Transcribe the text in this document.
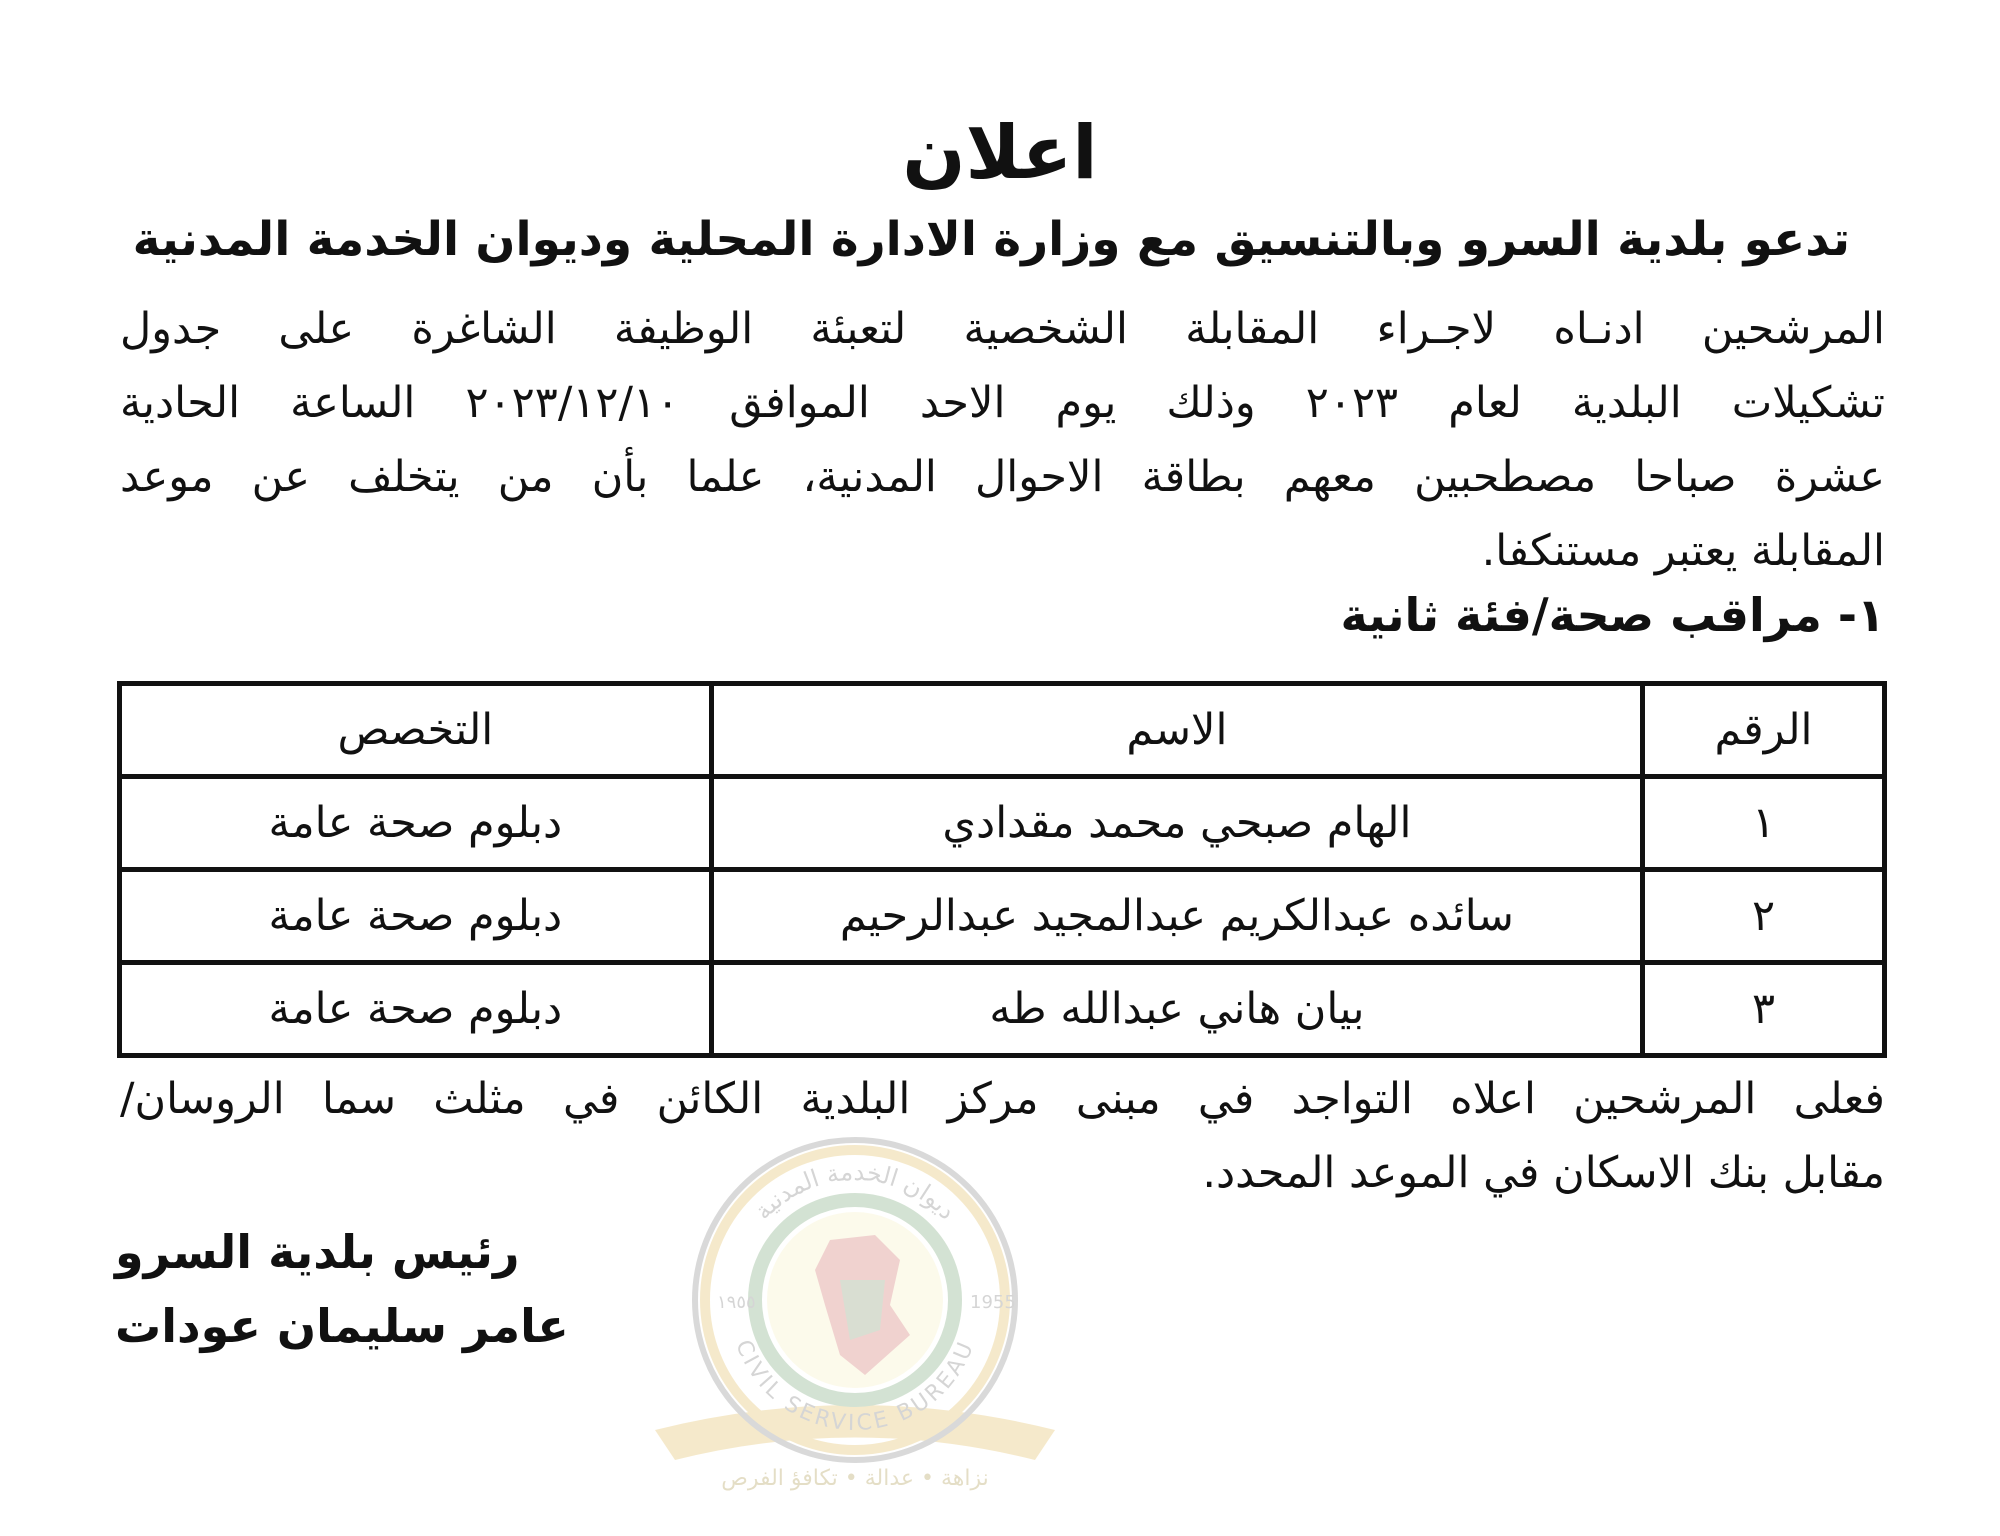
اعلان
تدعو بلدية السرو وبالتنسيق مع وزارة الادارة المحلية وديوان الخدمة المدنية
المرشحين ادنـاه لاجـراء المقابلة الشخصية لتعبئة الوظيفة الشاغرة على جدول
تشكيلات البلدية لعام ٢٠٢٣ وذلك يوم الاحد الموافق ٢٠٢٣/١٢/١٠ الساعة الحادية
عشرة صباحا مصطحبين معهم بطاقة الاحوال المدنية، علما بأن من يتخلف عن موعد
المقابلة يعتبر مستنكفا.
١- مراقب صحة/فئة ثانية
ديوان الخدمة المدنية
CIVIL SERVICE BUREAU
١٩٥٥	1955
نزاهة • عدالة • تكافؤ الفرص
الرقم	الاسم	التخصص
١	الهام صبحي محمد مقدادي	دبلوم صحة عامة
٢	سائده عبدالكريم عبدالمجيد عبدالرحيم	دبلوم صحة عامة
٣	بيان هاني عبدالله طه	دبلوم صحة عامة
فعلى المرشحين اعلاه التواجد في مبنى مركز البلدية الكائن في مثلث سما الروسان/
مقابل بنك الاسكان في الموعد المحدد.
رئيس بلدية السرو
عامر سليمان عودات
